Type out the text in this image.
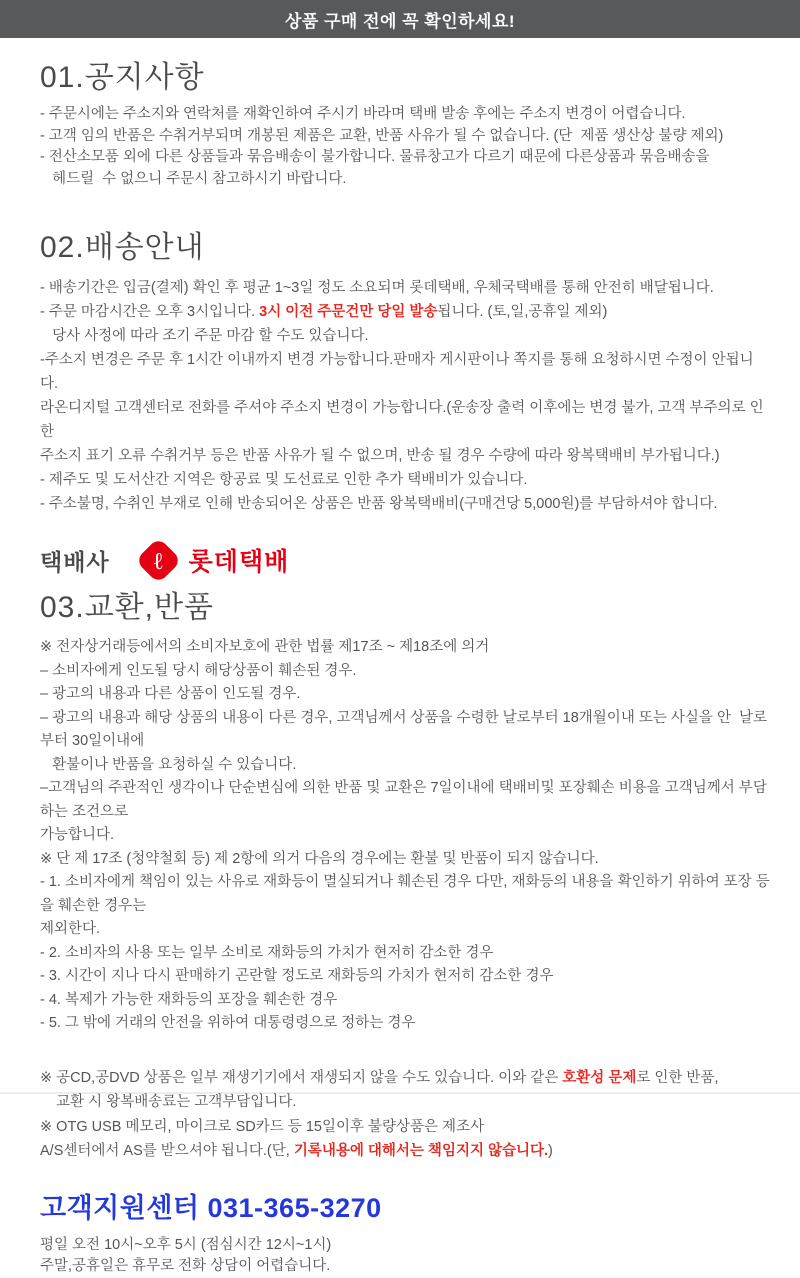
상품 구매 전에 꼭 확인하세요!
01.공지사항

- 주문시에는 주소지와 연락처를 재확인하여 주시기 바라며 택배 발송 후에는 주소지 변경이 어렵습니다.

- 고객 임의 반품은 수취거부되며 개봉된 제품은 교환, 반품 사유가 될 수 없습니다. (단  제품 생산상 불량 제외)

- 전산소모품 외에 다른 상품들과 묶음배송이 불가합니다. 물류창고가 다르기 때문에 다른상품과 묶음배송을

헤드릴  수 없으니 주문시 참고하시기 바랍니다.

02.배송안내

- 배송기간은 입금(결제) 확인 후 평균 1~3일 정도 소요되며 롯데택배, 우체국택배를 통해 안전히 배달됩니다.

- 주문 마감시간은 오후 3시입니다. 3시 이전 주문건만 당일 발송됩니다. (토,일,공휴일 제외)

당사 사정에 따라 조기 주문 마감 할 수도 있습니다.

-주소지 변경은 주문 후 1시간 이내까지 변경 가능합니다.판매자 게시판이나 쪽지를 통해 요청하시면 수정이 안됩니다.

라온디지털 고객센터로 전화를 주셔야 주소지 변경이 가능합니다.(운송장 출력 이후에는 변경 불가, 고객 부주의로 인한

주소지 표기 오류 수취거부 등은 반품 사유가 될 수 없으며, 반송 될 경우 수량에 따라 왕복택배비 부가됩니다.)

- 제주도 및 도서산간 지역은 항공료 및 도선료로 인한 추가 택배비가 있습니다.

- 주소불명, 수취인 부재로 인해 반송되어온 상품은 반품 왕복택배비(구매건당 5,000원)를 부담하셔야 합니다.

택배사 ℓ 롯데택배
03.교환,반품

※ 전자상거래등에서의 소비자보호에 관한 법률 제17조 ~ 제18조에 의거

– 소비자에게 인도될 당시 해당상품이 훼손된 경우.

– 광고의 내용과 다른 상품이 인도될 경우.

– 광고의 내용과 해당 상품의 내용이 다른 경우, 고객님께서 상품을 수령한 날로부터 18개월이내 또는 사실을 안  날로부터 30일이내에

환불이나 반품을 요청하실 수 있습니다.

–고객님의 주관적인 생각이나 단순변심에 의한 반품 및 교환은 7일이내에 택배비및 포장훼손 비용을 고객님께서 부담하는 조건으로

가능합니다.

※ 단 제 17조 (청약철회 등) 제 2항에 의거 다음의 경우에는 환불 및 반품이 되지 않습니다.

- 1. 소비자에게 책임이 있는 사유로 재화등이 멸실되거나 훼손된 경우 다만, 재화등의 내용을 확인하기 위하여 포장 등을 훼손한 경우는

제외한다.

- 2. 소비자의 사용 또는 일부 소비로 재화등의 가치가 현저히 감소한 경우

- 3. 시간이 지나 다시 판매하기 곤란할 정도로 재화등의 가치가 현저히 감소한 경우

- 4. 복제가 가능한 재화등의 포장을 훼손한 경우

- 5. 그 밖에 거래의 안전을 위하여 대통령령으로 정하는 경우

※ 공CD,공DVD 상품은 일부 재생기기에서 재생되지 않을 수도 있습니다. 이와 같은 호환성 문제로 인한 반품,

교환 시 왕복배송료는 고객부담입니다.

※ OTG USB 메모리, 마이크로 SD카드 등 15일이후 불량상품은 제조사

A/S센터에서 AS를 받으셔야 됩니다.(단, 기록내용에 대해서는 책임지지 않습니다.)

고객지원센터 031-365-3270

평일 오전 10시~오후 5시 (점심시간 12시~1시)

주말,공휴일은 휴무로 전화 상담이 어렵습니다.
